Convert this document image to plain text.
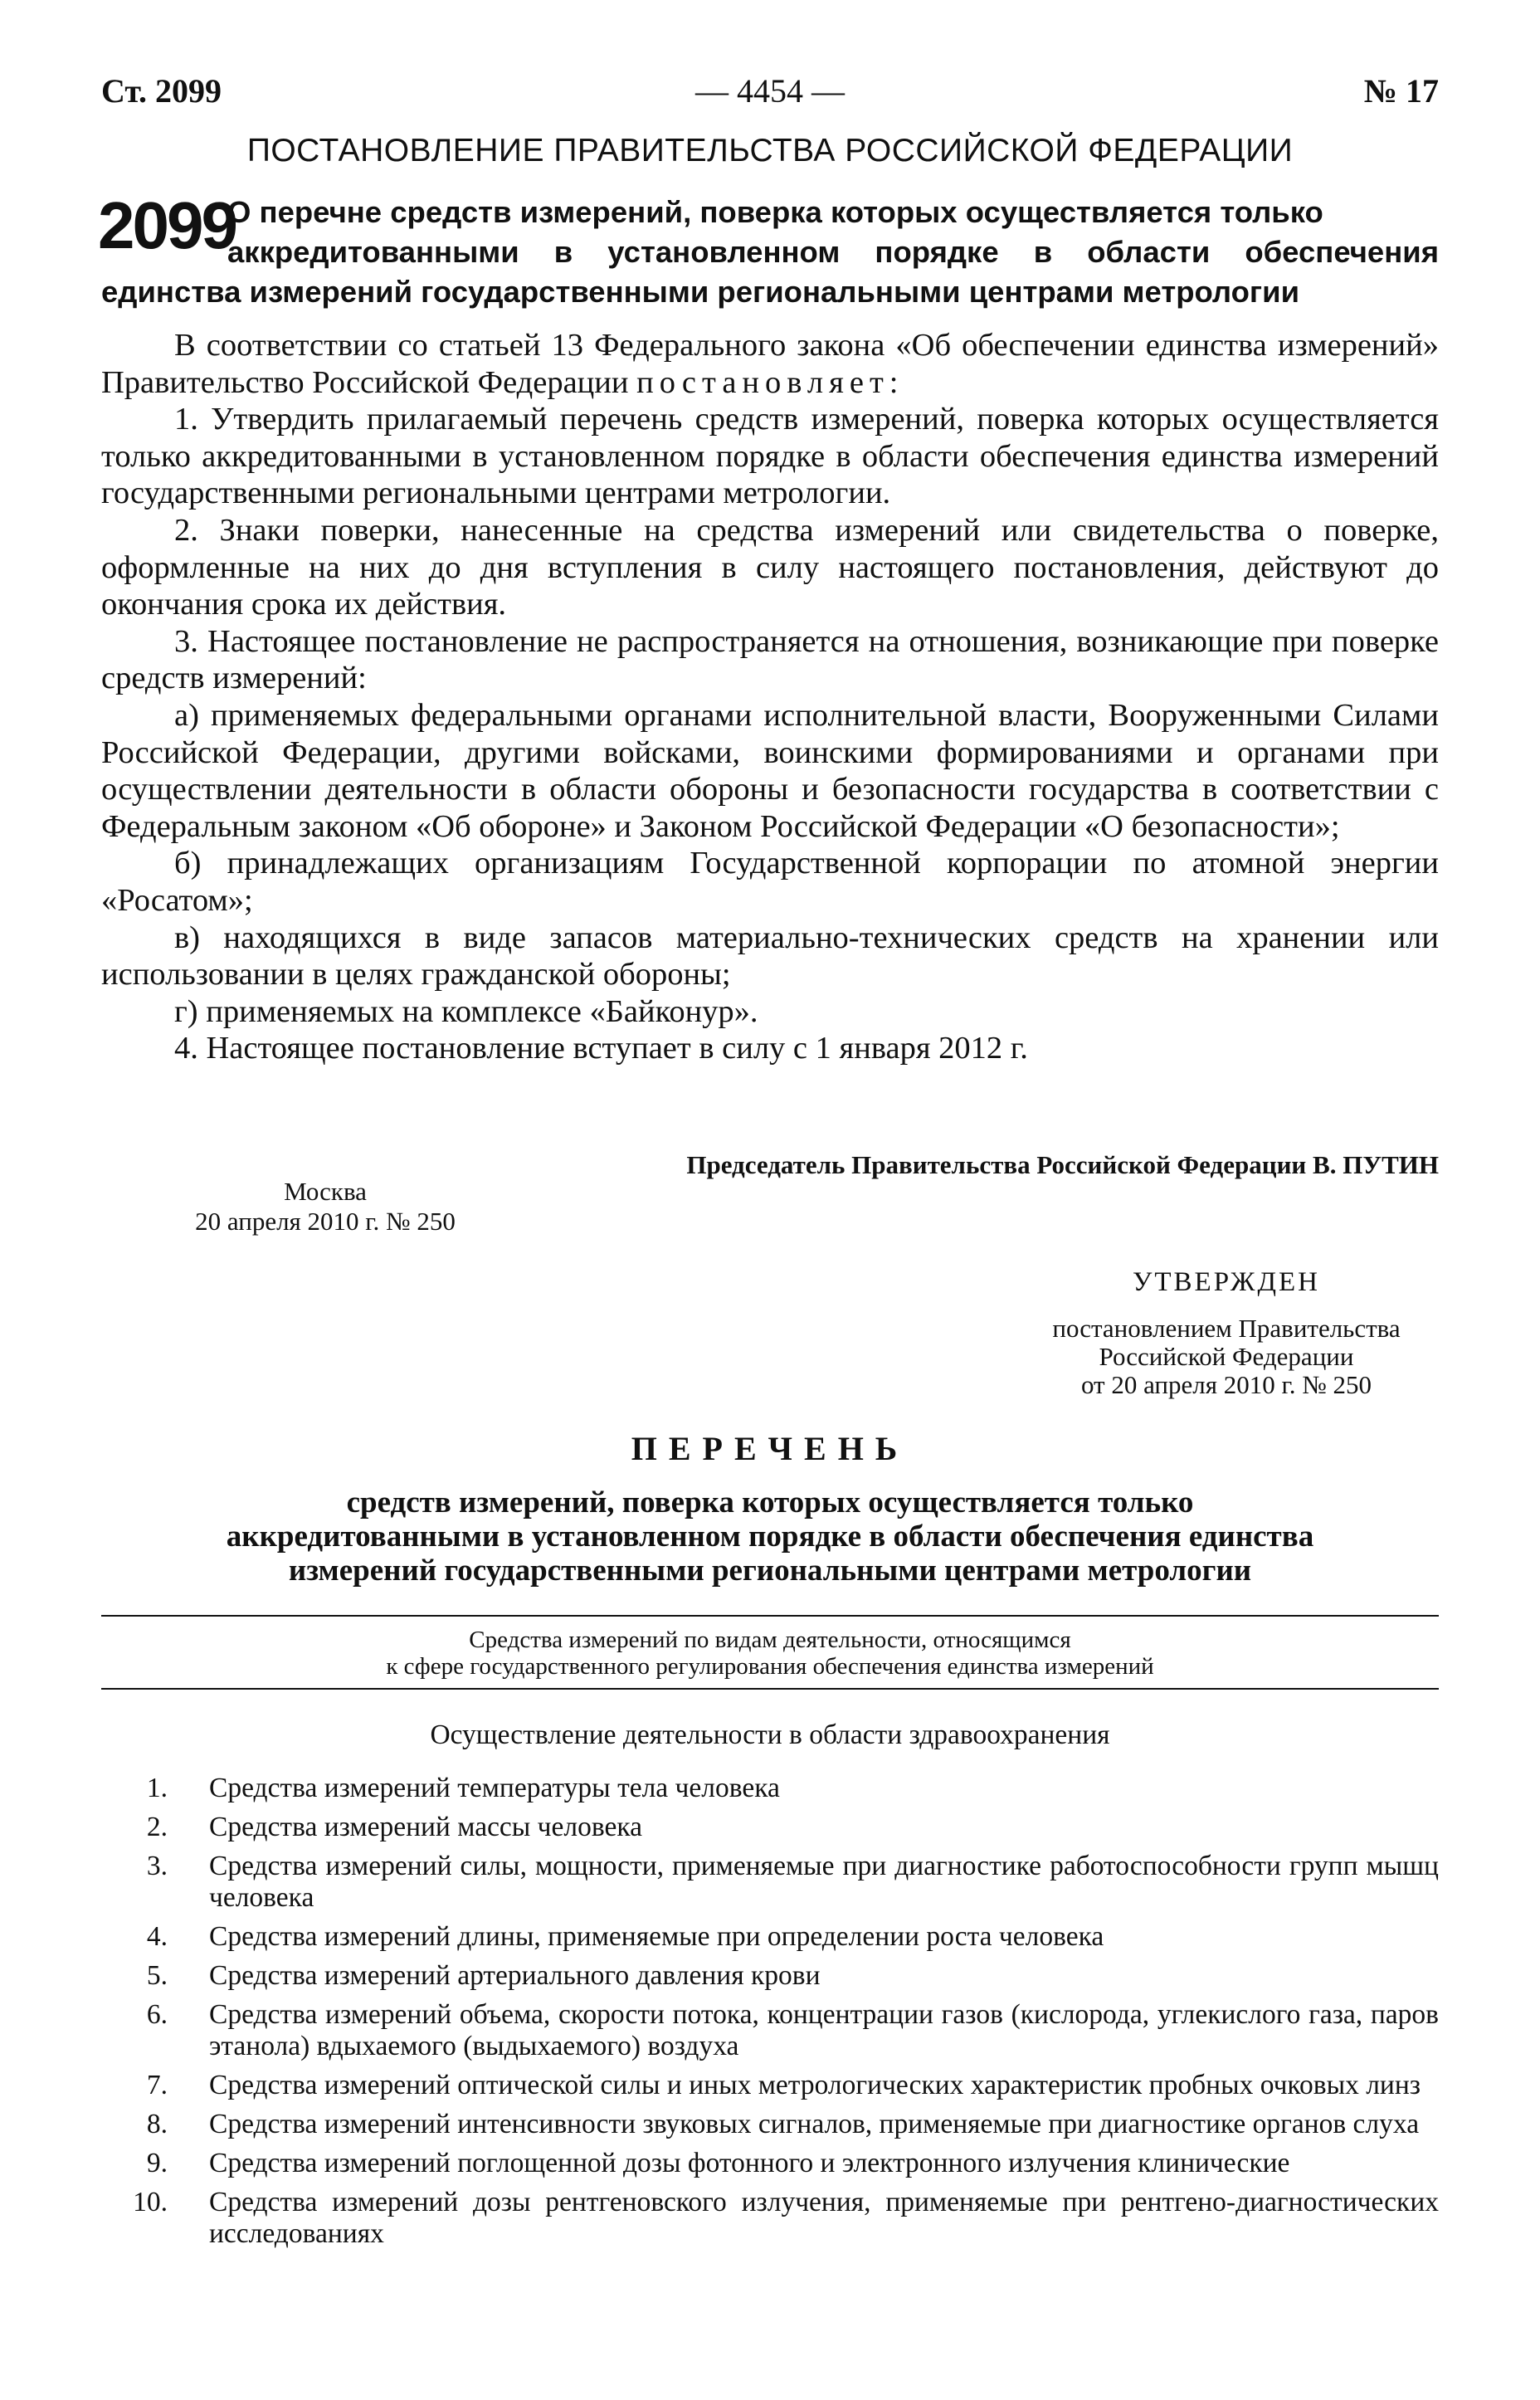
Ст. 2099	— 4454 —	№ 17
ПОСТАНОВЛЕНИЕ ПРАВИТЕЛЬСТВА РОССИЙСКОЙ ФЕДЕРАЦИИ
2099
О перечне средств измерений, поверка которых осуществляется только
аккредитованными в установленном порядке в области обеспечения
единства измерений государственными региональными центрами метрологии

В соответствии со статьей 13 Федерального закона «Об обеспечении единства измерений» Правительство Российской Федерации постановляет:

1. Утвердить прилагаемый перечень средств измерений, поверка которых осуществляется только аккредитованными в установленном порядке в области обеспечения единства измерений государственными региональными центрами метрологии.

2. Знаки поверки, нанесенные на средства измерений или свидетельства о поверке, оформленные на них до дня вступления в силу настоящего постановления, действуют до окончания срока их действия.

3. Настоящее постановление не распространяется на отношения, возникающие при поверке средств измерений:

а) применяемых федеральными органами исполнительной власти, Вооруженными Силами Российской Федерации, другими войсками, воинскими формированиями и органами при осуществлении деятельности в области обороны и безопасности государства в соответствии с Федеральным законом «Об обороне» и Законом Российской Федерации «О безопасности»;

б) принадлежащих организациям Государственной корпорации по атомной энергии «Росатом»;

в) находящихся в виде запасов материально-технических средств на хранении или использовании в целях гражданской обороны;

г) применяемых на комплексе «Байконур».

4. Настоящее постановление вступает в силу с 1 января 2012 г.

Председатель Правительства Российской Федерации В. ПУТИН
Москва
20 апреля 2010 г. № 250
УТВЕРЖДЕН
постановлением Правительства
Российской Федерации
от 20 апреля 2010 г. № 250
ПЕРЕЧЕНЬ
средств измерений, поверка которых осуществляется только
аккредитованными в установленном порядке в области обеспечения единства
измерений государственными региональными центрами метрологии
Средства измерений по видам деятельности, относящимся
к сфере государственного регулирования обеспечения единства измерений
Осуществление деятельности в области здравоохранения
1. Средства измерений температуры тела человека
2. Средства измерений массы человека
3. Средства измерений силы, мощности, применяемые при диагностике работоспособности групп мышц человека
4. Средства измерений длины, применяемые при определении роста человека
5. Средства измерений артериального давления крови
6. Средства измерений объема, скорости потока, концентрации газов (кислорода, углекислого газа, паров этанола) вдыхаемого (выдыхаемого) воздуха
7. Средства измерений оптической силы и иных метрологических характеристик пробных очковых линз
8. Средства измерений интенсивности звуковых сигналов, применяемые при диагностике органов слуха
9. Средства измерений поглощенной дозы фотонного и электронного излучения клинические
10. Средства измерений дозы рентгеновского излучения, применяемые при рентгено-диагностических исследованиях
